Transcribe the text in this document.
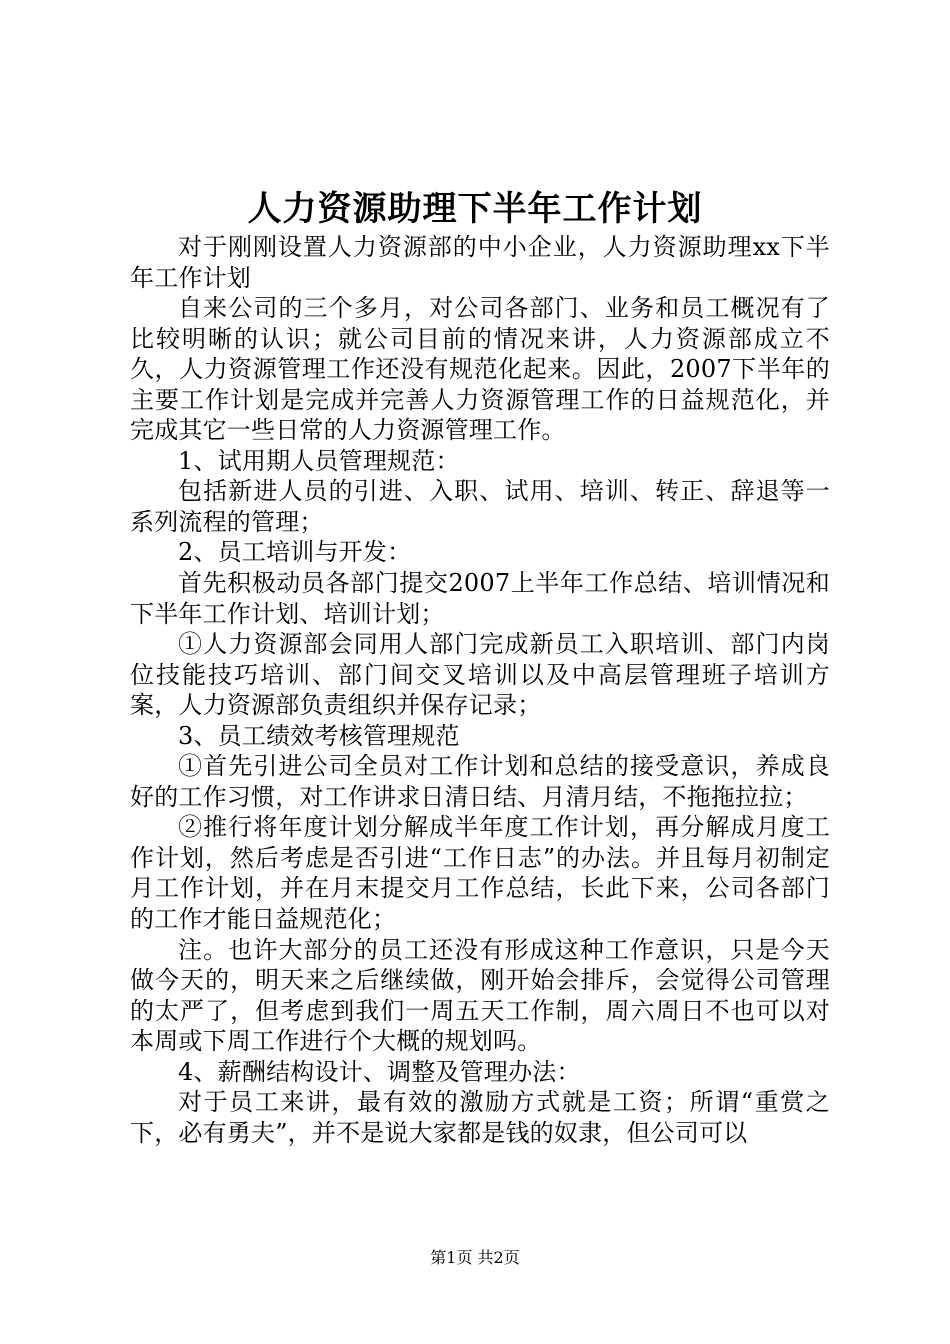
人力资源助理下半年工作计划

对于刚刚设置人力资源部的中小企业，人力资源助理xx下半年工作计划

自来公司的三个多月，对公司各部门、业务和员工概况有了比较明晰的认识；就公司目前的情况来讲，人力资源部成立不久，人力资源管理工作还没有规范化起来。因此，2007下半年的主要工作计划是完成并完善人力资源管理工作的日益规范化，并完成其它一些日常的人力资源管理工作。

1、试用期人员管理规范：

包括新进人员的引进、入职、试用、培训、转正、辞退等一系列流程的管理；

2、员工培训与开发：

首先积极动员各部门提交2007上半年工作总结、培训情况和下半年工作计划、培训计划；

①人力资源部会同用人部门完成新员工入职培训、部门内岗位技能技巧培训、部门间交叉培训以及中高层管理班子培训方案，人力资源部负责组织并保存记录；

3、员工绩效考核管理规范

①首先引进公司全员对工作计划和总结的接受意识，养成良好的工作习惯，对工作讲求日清日结、月清月结，不拖拖拉拉；

②推行将年度计划分解成半年度工作计划，再分解成月度工作计划，然后考虑是否引进“工作日志”的办法。并且每月初制定月工作计划，并在月末提交月工作总结，长此下来，公司各部门的工作才能日益规范化；

注。也许大部分的员工还没有形成这种工作意识，只是今天做今天的，明天来之后继续做，刚开始会排斥，会觉得公司管理的太严了，但考虑到我们一周五天工作制，周六周日不也可以对本周或下周工作进行个大概的规划吗。

4、薪酬结构设计、调整及管理办法：

对于员工来讲，最有效的激励方式就是工资；所谓“重赏之下，必有勇夫”，并不是说大家都是钱的奴隶，但公司可以

第1页 共2页
